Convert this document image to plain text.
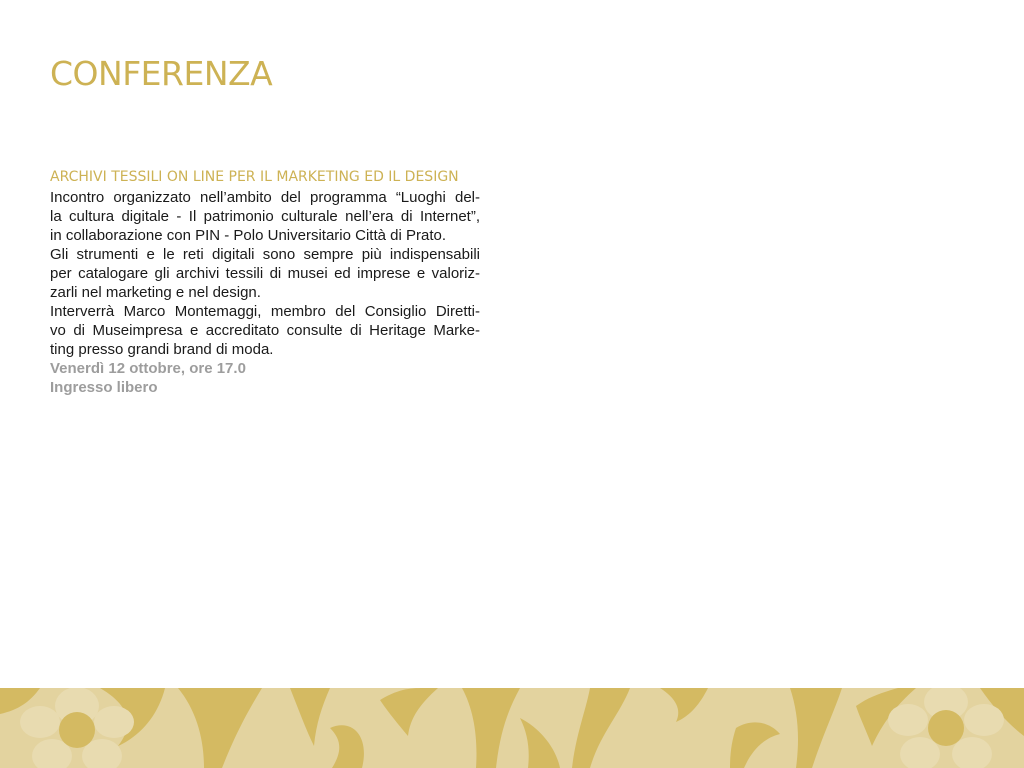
CONFERENZA
ARCHIVI TESSILI ON LINE PER IL MARKETING ED IL DESIGN

Incontro organizzato nell’ambito del programma “Luoghi del-
la cultura digitale - Il patrimonio culturale nell’era di Internet”,
in collaborazione con PIN - Polo Universitario Città di Prato.
Gli strumenti e le reti digitali sono sempre più indispensabili
per catalogare gli archivi tessili di musei ed imprese e valoriz-
zarli nel marketing e nel design.
Interverrà Marco Montemaggi, membro del Consiglio Diretti-
vo di Museimpresa e accreditato consulte di Heritage Marke-
ting presso grandi brand di moda.

Venerdì 12 ottobre, ore 17.0
Ingresso libero
